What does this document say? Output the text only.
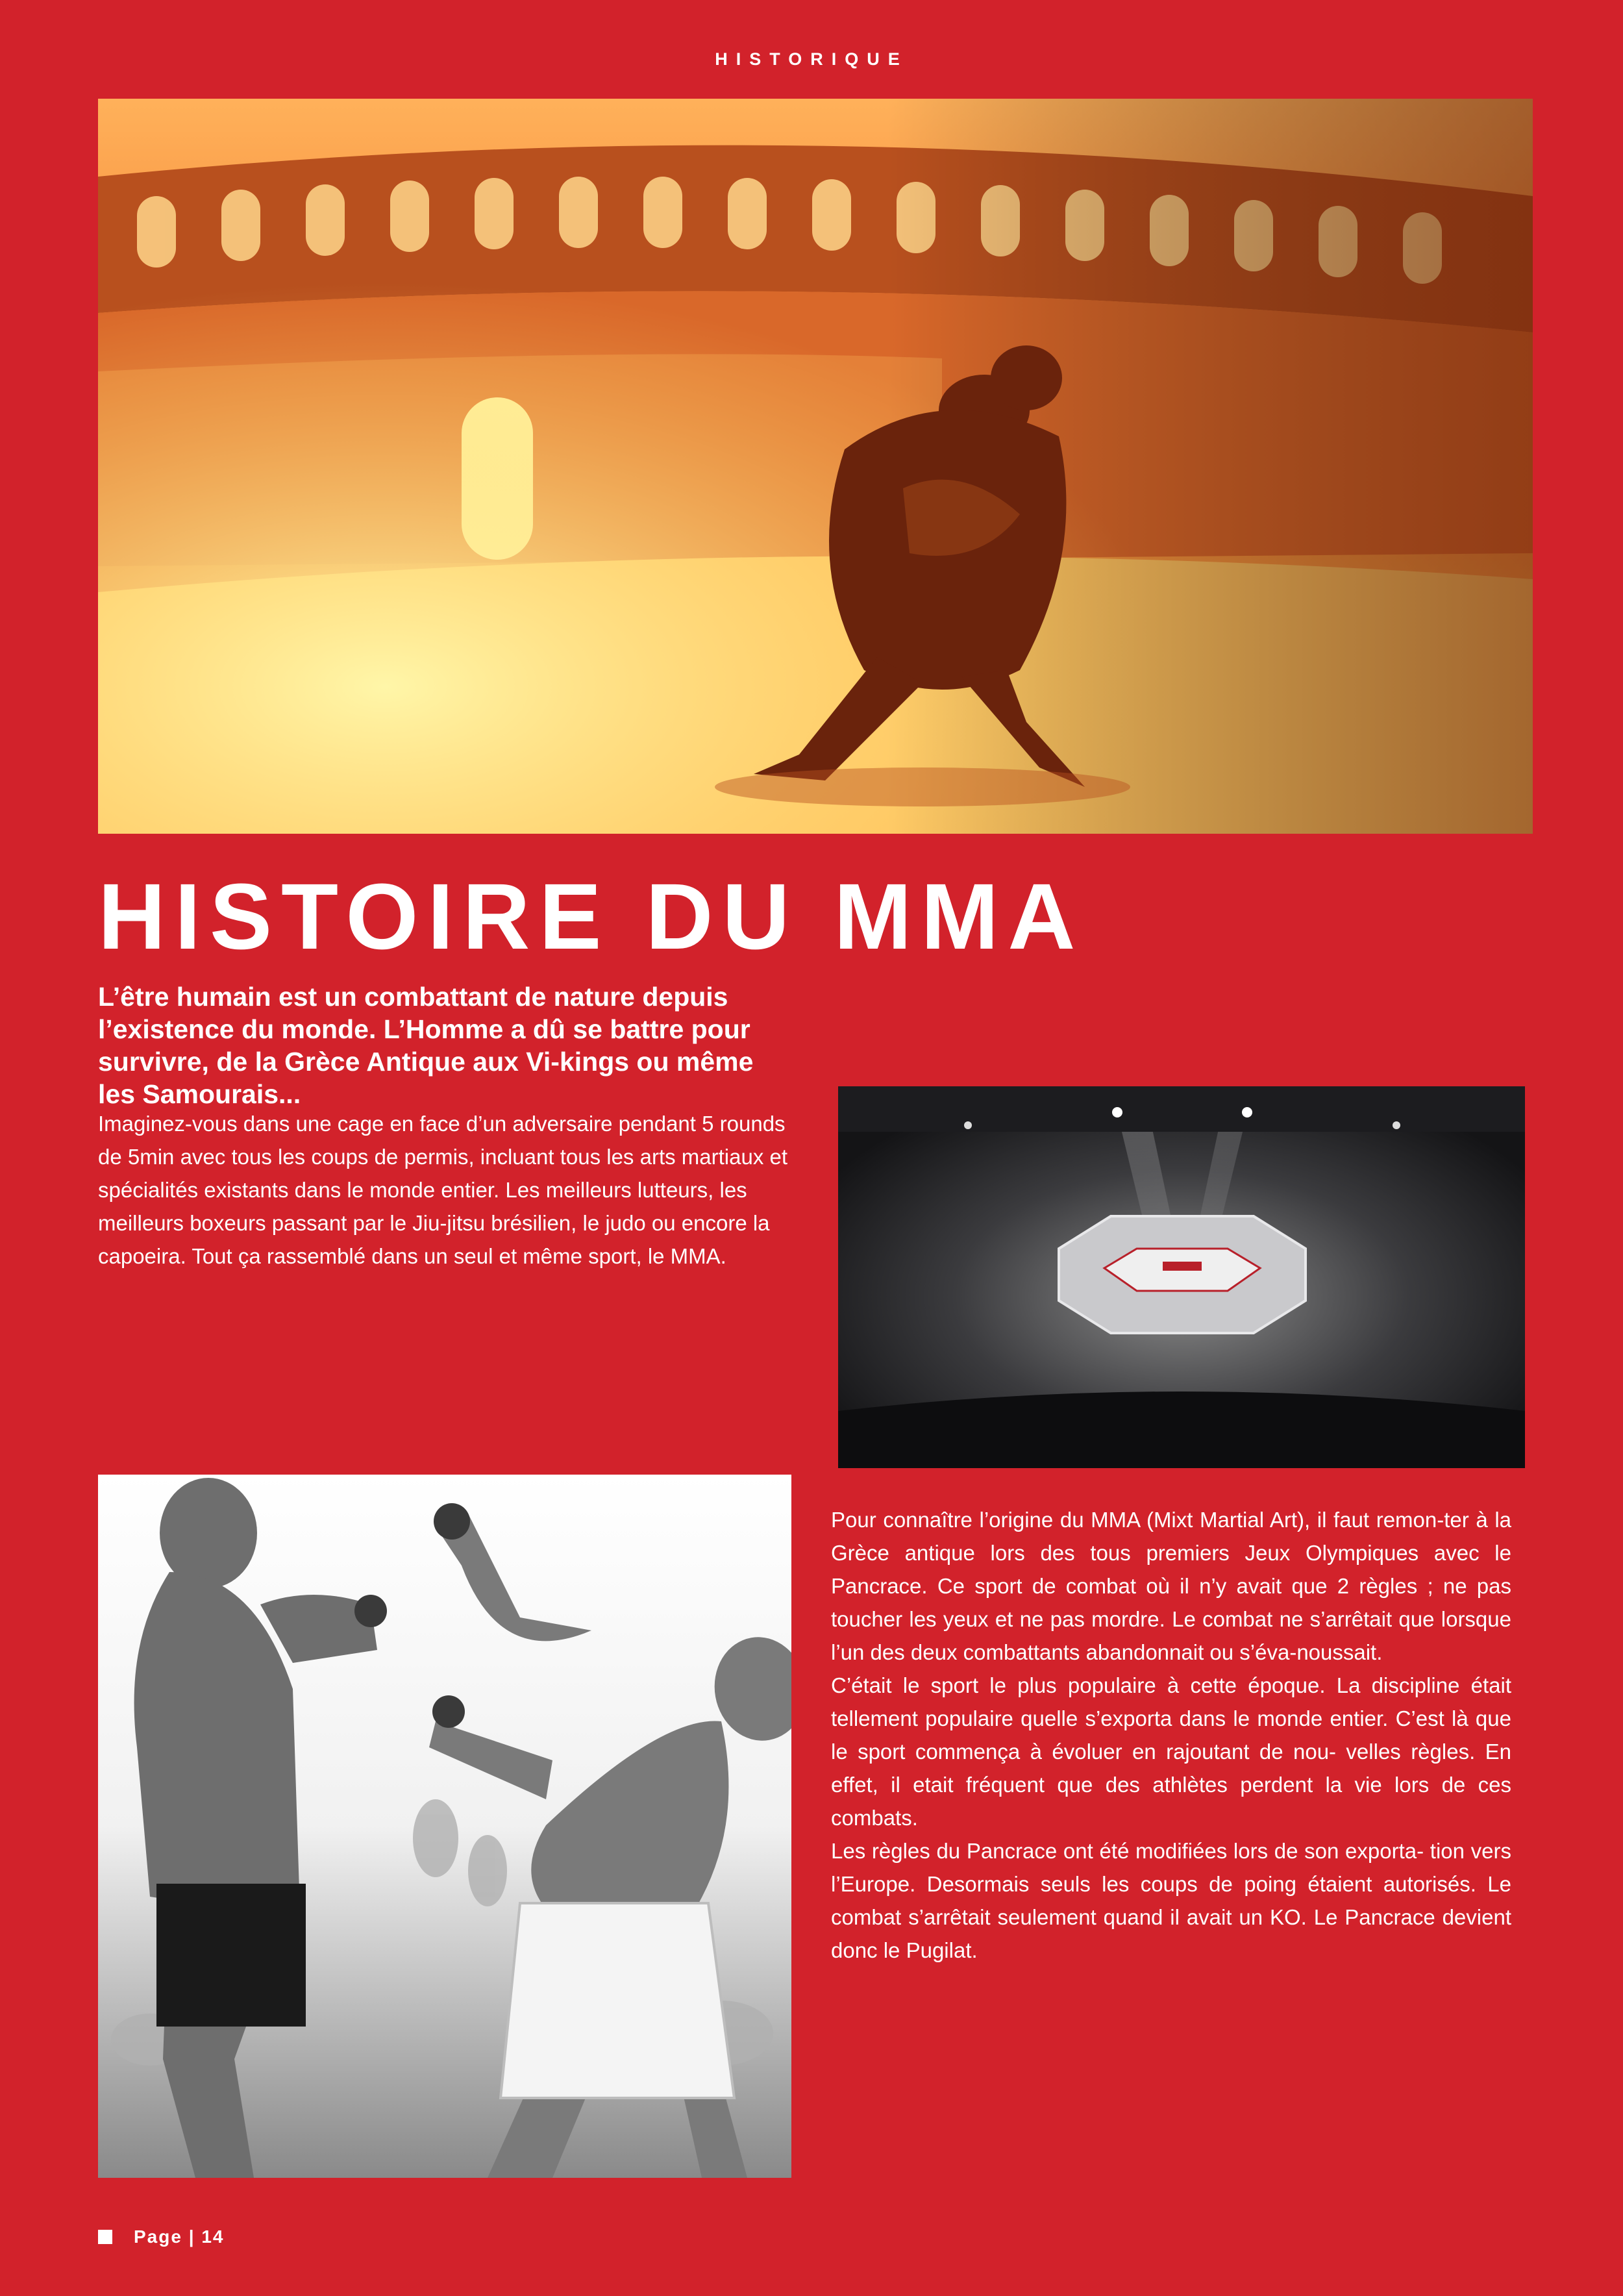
HISTORIQUE
HISTOIRE DU MMA
L’être humain est un combattant de nature depuis l’existence du monde. L’Homme a dû se battre pour survivre, de la Grèce Antique aux Vi-kings ou même les Samourais...
Imaginez-vous dans une cage en face d’un adversaire pendant 5 rounds de 5min avec tous les coups de permis, incluant tous les arts martiaux et spécialités existants dans le monde entier. Les meilleurs lutteurs, les meilleurs boxeurs passant par le Jiu-jitsu brésilien, le judo ou encore la capoeira. Tout ça rassemblé dans un seul et même sport, le MMA.

Pour connaître l’origine du MMA (Mixt Martial Art), il faut remon-ter à la Grèce antique lors des tous premiers Jeux Olympiques avec le Pancrace. Ce sport de combat où il n’y avait que 2 règles ; ne pas toucher les yeux et ne pas mordre. Le combat ne s’arrêtait que lorsque l’un des deux combattants abandonnait ou s’éva-noussait.

C’était le sport le plus populaire à cette époque. La discipline était tellement populaire quelle s’exporta dans le monde entier. C’est là que le sport commença à évoluer en rajoutant de nou- velles règles. En effet, il etait fréquent que des athlètes perdent la vie lors de ces combats.

Les règles du Pancrace ont été modifiées lors de son exporta- tion vers l’Europe. Desormais seuls les coups de poing étaient autorisés. Le combat s’arrêtait seulement quand il avait un KO. Le Pancrace devient donc le Pugilat.

Page | 14
